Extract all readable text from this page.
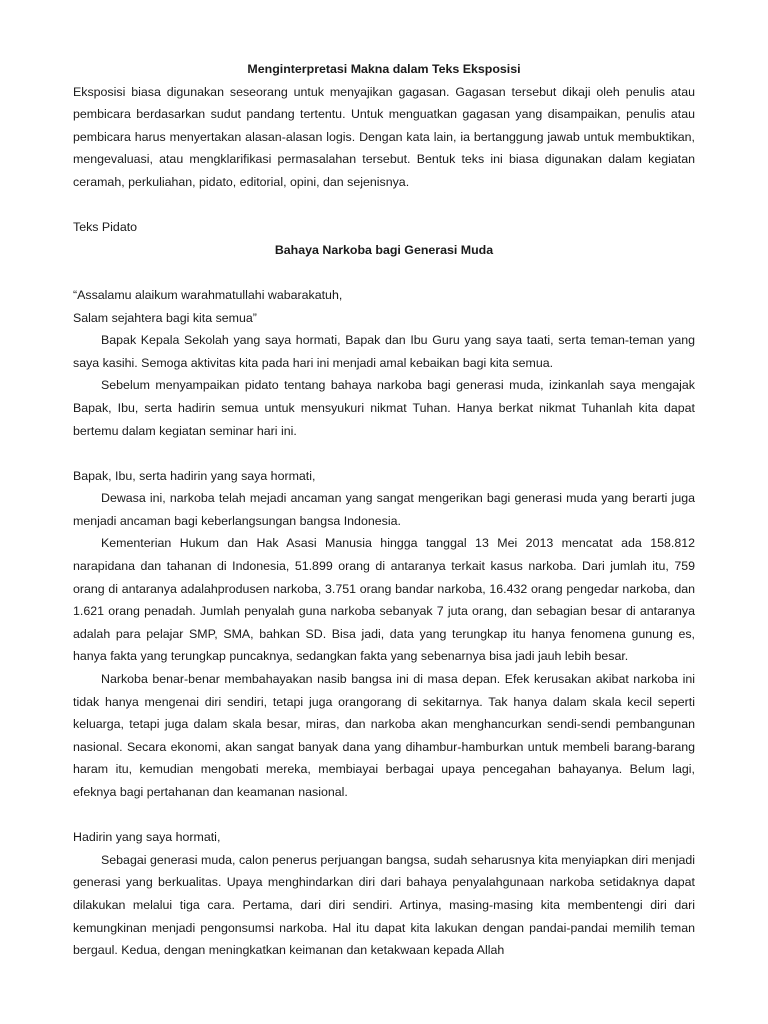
Menginterpretasi Makna dalam Teks Eksposisi

Eksposisi biasa digunakan seseorang untuk menyajikan gagasan. Gagasan tersebut dikaji oleh penulis atau pembicara berdasarkan sudut pandang tertentu. Untuk menguatkan gagasan yang disampaikan, penulis atau pembicara harus menyertakan alasan-alasan logis. Dengan kata lain, ia bertanggung jawab untuk membuktikan, mengevaluasi, atau mengklarifikasi permasalahan tersebut. Bentuk teks ini biasa digunakan dalam kegiatan ceramah, perkuliahan, pidato, editorial, opini, dan sejenisnya.

Teks Pidato

Bahaya Narkoba bagi Generasi Muda

“Assalamu alaikum warahmatullahi wabarakatuh,

Salam sejahtera bagi kita semua”

Bapak Kepala Sekolah yang saya hormati, Bapak dan Ibu Guru yang saya taati, serta teman-teman yang saya kasihi. Semoga aktivitas kita pada hari ini menjadi amal kebaikan bagi kita semua.

Sebelum menyampaikan pidato tentang bahaya narkoba bagi generasi muda, izinkanlah saya mengajak Bapak, Ibu, serta hadirin semua untuk mensyukuri nikmat Tuhan. Hanya berkat nikmat Tuhanlah kita dapat bertemu dalam kegiatan seminar hari ini.

Bapak, Ibu, serta hadirin yang saya hormati,

Dewasa ini, narkoba telah mejadi ancaman yang sangat mengerikan bagi generasi muda yang berarti juga menjadi ancaman bagi keberlangsungan bangsa Indonesia.

Kementerian Hukum dan Hak Asasi Manusia hingga tanggal 13 Mei 2013 mencatat ada 158.812 narapidana dan tahanan di Indonesia, 51.899 orang di antaranya terkait kasus narkoba. Dari jumlah itu, 759 orang di antaranya adalahprodusen narkoba, 3.751 orang bandar narkoba, 16.432 orang pengedar narkoba, dan 1.621 orang penadah. Jumlah penyalah guna narkoba sebanyak 7 juta orang, dan sebagian besar di antaranya adalah para pelajar SMP, SMA, bahkan SD. Bisa jadi, data yang terungkap itu hanya fenomena gunung es, hanya fakta yang terungkap puncaknya, sedangkan fakta yang sebenarnya bisa jadi jauh lebih besar.

Narkoba benar-benar membahayakan nasib bangsa ini di masa depan. Efek kerusakan akibat narkoba ini tidak hanya mengenai diri sendiri, tetapi juga orangorang di sekitarnya. Tak hanya dalam skala kecil seperti keluarga, tetapi juga dalam skala besar, miras, dan narkoba akan menghancurkan sendi-sendi pembangunan nasional. Secara ekonomi, akan sangat banyak dana yang dihambur-hamburkan untuk membeli barang-barang haram itu, kemudian mengobati mereka, membiayai berbagai upaya pencegahan bahayanya. Belum lagi, efeknya bagi pertahanan dan keamanan nasional.

Hadirin yang saya hormati,

Sebagai generasi muda, calon penerus perjuangan bangsa, sudah seharusnya kita menyiapkan diri menjadi generasi yang berkualitas. Upaya menghindarkan diri dari bahaya penyalahgunaan narkoba setidaknya dapat dilakukan melalui tiga cara. Pertama, dari diri sendiri. Artinya, masing-masing kita membentengi diri dari kemungkinan menjadi pengonsumsi narkoba. Hal itu dapat kita lakukan dengan pandai-pandai memilih teman bergaul. Kedua, dengan meningkatkan keimanan dan ketakwaan kepada Allah
